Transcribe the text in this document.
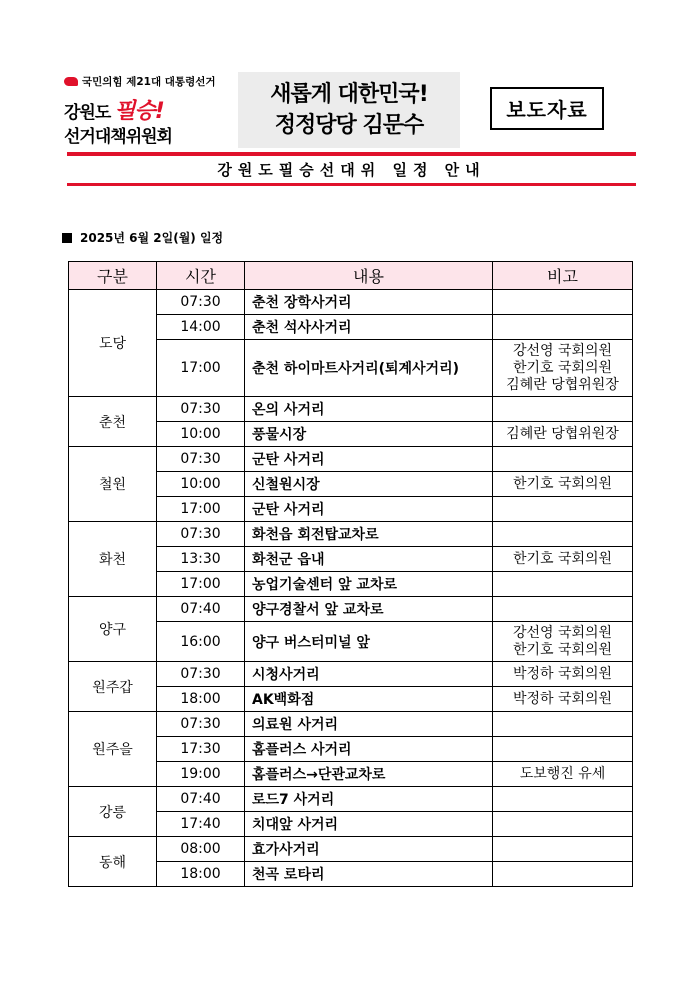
국민의힘 제21대 대통령선거
강원도 필승!
선거대책위원회
새롭게 대한민국!
정정당당 김문수
보도자료
강원도필승선대위 일정 안내
2025년 6월 2일(월) 일정
구분	시간	내용	비고
도당	07:30	춘천 장학사거리	
	14:00	춘천 석사사거리	
	17:00	춘천 하이마트사거리(퇴계사거리)	강선영 국회의원
한기호 국회의원
김혜란 당협위원장

춘천	07:30	온의 사거리	
	10:00	풍물시장	김혜란 당협위원장

철원	07:30	군탄 사거리	
	10:00	신철원시장	한기호 국회의원

	17:00	군탄 사거리	
화천	07:30	화천읍 회전탑교차로	
	13:30	화천군 읍내	한기호 국회의원

	17:00	농업기술센터 앞 교차로	
양구	07:40	양구경찰서 앞 교차로	
	16:00	양구 버스터미널 앞	강선영 국회의원
한기호 국회의원

원주갑	07:30	시청사거리	박정하 국회의원

	18:00	AK백화점	박정하 국회의원

원주을	07:30	의료원 사거리	
	17:30	홈플러스 사거리	
	19:00	홈플러스→단관교차로	도보행진 유세

강릉	07:40	로드7 사거리	
	17:40	치대앞 사거리	
동해	08:00	효가사거리	
	18:00	천곡 로타리	
